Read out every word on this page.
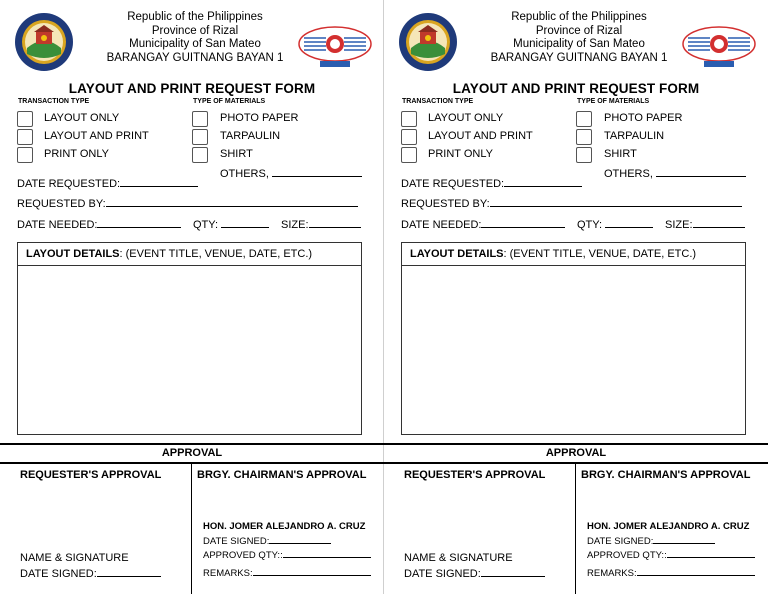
Republic of the Philippines
Province of Rizal
Municipality of San Mateo
BARANGAY GUITNANG BAYAN 1
LAYOUT AND PRINT REQUEST FORM
TRANSACTION TYPE	TYPE OF MATERIALS
LAYOUT ONLY
LAYOUT AND PRINT
PRINT ONLY
PHOTO PAPER
TARPAULIN
SHIRT
OTHERS,
DATE REQUESTED:
REQUESTED BY:
DATE NEEDED:	QTY:	SIZE:
LAYOUT DETAILS: (EVENT TITLE, VENUE, DATE, ETC.)
APPROVAL
REQUESTER'S APPROVAL	BRGY. CHAIRMAN'S APPROVAL
NAME & SIGNATURE
DATE SIGNED:
HON. JOMER ALEJANDRO A. CRUZ
DATE SIGNED:
APPROVED QTY::
REMARKS:
Republic of the Philippines
Province of Rizal
Municipality of San Mateo
BARANGAY GUITNANG BAYAN 1
LAYOUT AND PRINT REQUEST FORM
TRANSACTION TYPE	TYPE OF MATERIALS
LAYOUT ONLY
LAYOUT AND PRINT
PRINT ONLY
PHOTO PAPER
TARPAULIN
SHIRT
OTHERS,
DATE REQUESTED:
REQUESTED BY:
DATE NEEDED:	QTY:	SIZE:
LAYOUT DETAILS: (EVENT TITLE, VENUE, DATE, ETC.)
APPROVAL
REQUESTER'S APPROVAL	BRGY. CHAIRMAN'S APPROVAL
NAME & SIGNATURE
DATE SIGNED:
HON. JOMER ALEJANDRO A. CRUZ
DATE SIGNED:
APPROVED QTY::
REMARKS:
